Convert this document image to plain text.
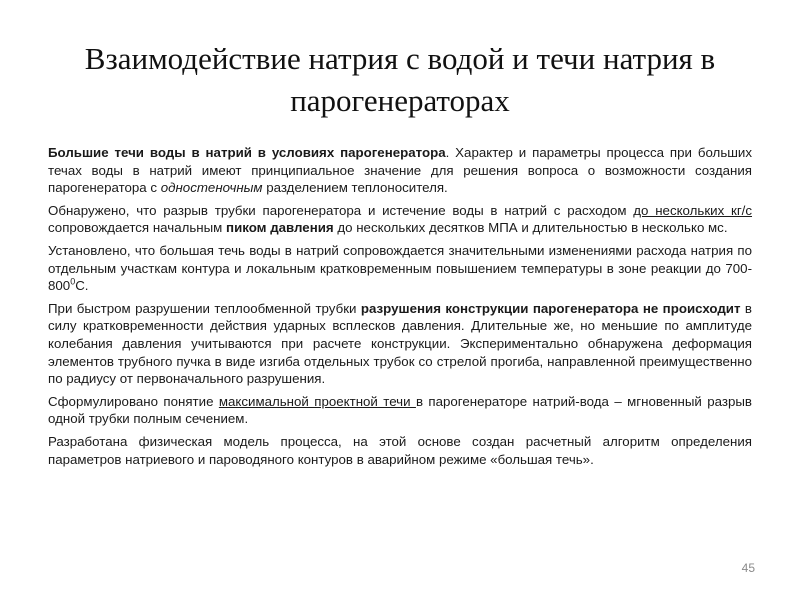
Взаимодействие натрия с водой и течи натрия в парогенераторах

Большие течи воды в натрий в условиях парогенератора. Характер и параметры процесса при больших течах воды в натрий имеют принципиальное значение для решения вопроса о возможности создания парогенератора с одностеночным разделением теплоносителя.

Обнаружено, что разрыв трубки парогенератора и истечение воды в натрий с расходом до нескольких кг/с сопровождается начальным пиком давления до нескольких десятков МПА и длительностью в несколько мс.

Установлено, что большая течь воды в натрий сопровождается значительными изменениями расхода натрия по отдельным участкам контура и локальным кратковременным повышением температуры в зоне реакции до $700-800^0С$.

При быстром разрушении теплообменной трубки разрушения конструкции парогенератора не происходит в силу кратковременности действия ударных всплесков давления. Длительные же, но меньшие по амплитуде колебания давления учитываются при расчете конструкции. Экспериментально обнаружена деформация элементов трубного пучка в виде изгиба отдельных трубок со стрелой прогиба, направленной преимущественно по радиусу от первоначального разрушения.

Сформулировано понятие максимальной проектной течи в парогенераторе натрий-вода – мгновенный разрыв одной трубки полным сечением.

Разработана физическая модель процесса, на этой основе создан расчетный алгоритм определения параметров натриевого и пароводяного контуров в аварийном режиме «большая течь».

45
